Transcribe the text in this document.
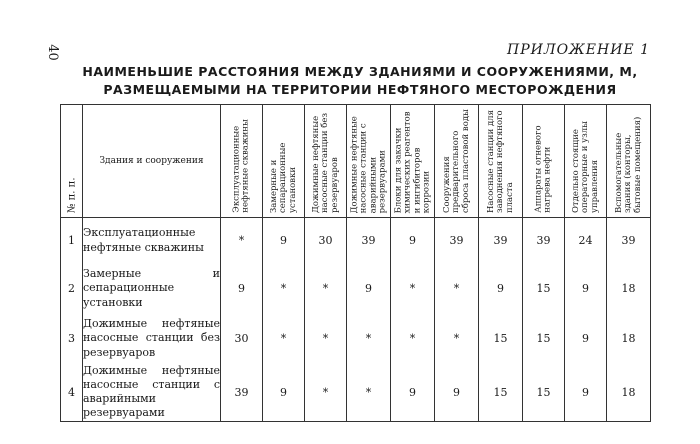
40	ПРИЛОЖЕНИЕ 1
НАИМЕНЬШИЕ РАССТОЯНИЯ МЕЖДУ ЗДАНИЯМИ И СООРУЖЕНИЯМИ, М,
РАЗМЕЩАЕМЫМИ НА ТЕРРИТОРИИ НЕФТЯНОГО МЕСТОРОЖДЕНИЯ
№ п. п.	Здания и сооружения	Эксплуатационные нефтяные скважины	Замерные и сепарационные установки	Дожимные нефтяные насосные станции без резервуаров	Дожимные нефтяные насосные станции с аварийными резервуарами	Блоки для закачки химических реагентов и ингибиторов коррозии	Сооружения предварительного сброса пластовой воды	Насосные станции для заводнения нефтяного пласта	Аппараты огневого нагрева нефти	Отдельно стоящие операторные и узлы управления	Вспомогательные здания (конторы, бытовые помещения)

1	Эксплуатационные нефтяные скважины	*	9	30	39	9	39	39	39	24	39
2	Замерные и сепарационные установки	9	*	*	9	*	*	9	15	9	18
3	Дожимные нефтяные насосные станции без резервуаров	30	*	*	*	*	*	15	15	9	18
4	Дожимные нефтяные насосные станции с аварийными резервуарами	39	9	*	*	9	9	15	15	9	18
